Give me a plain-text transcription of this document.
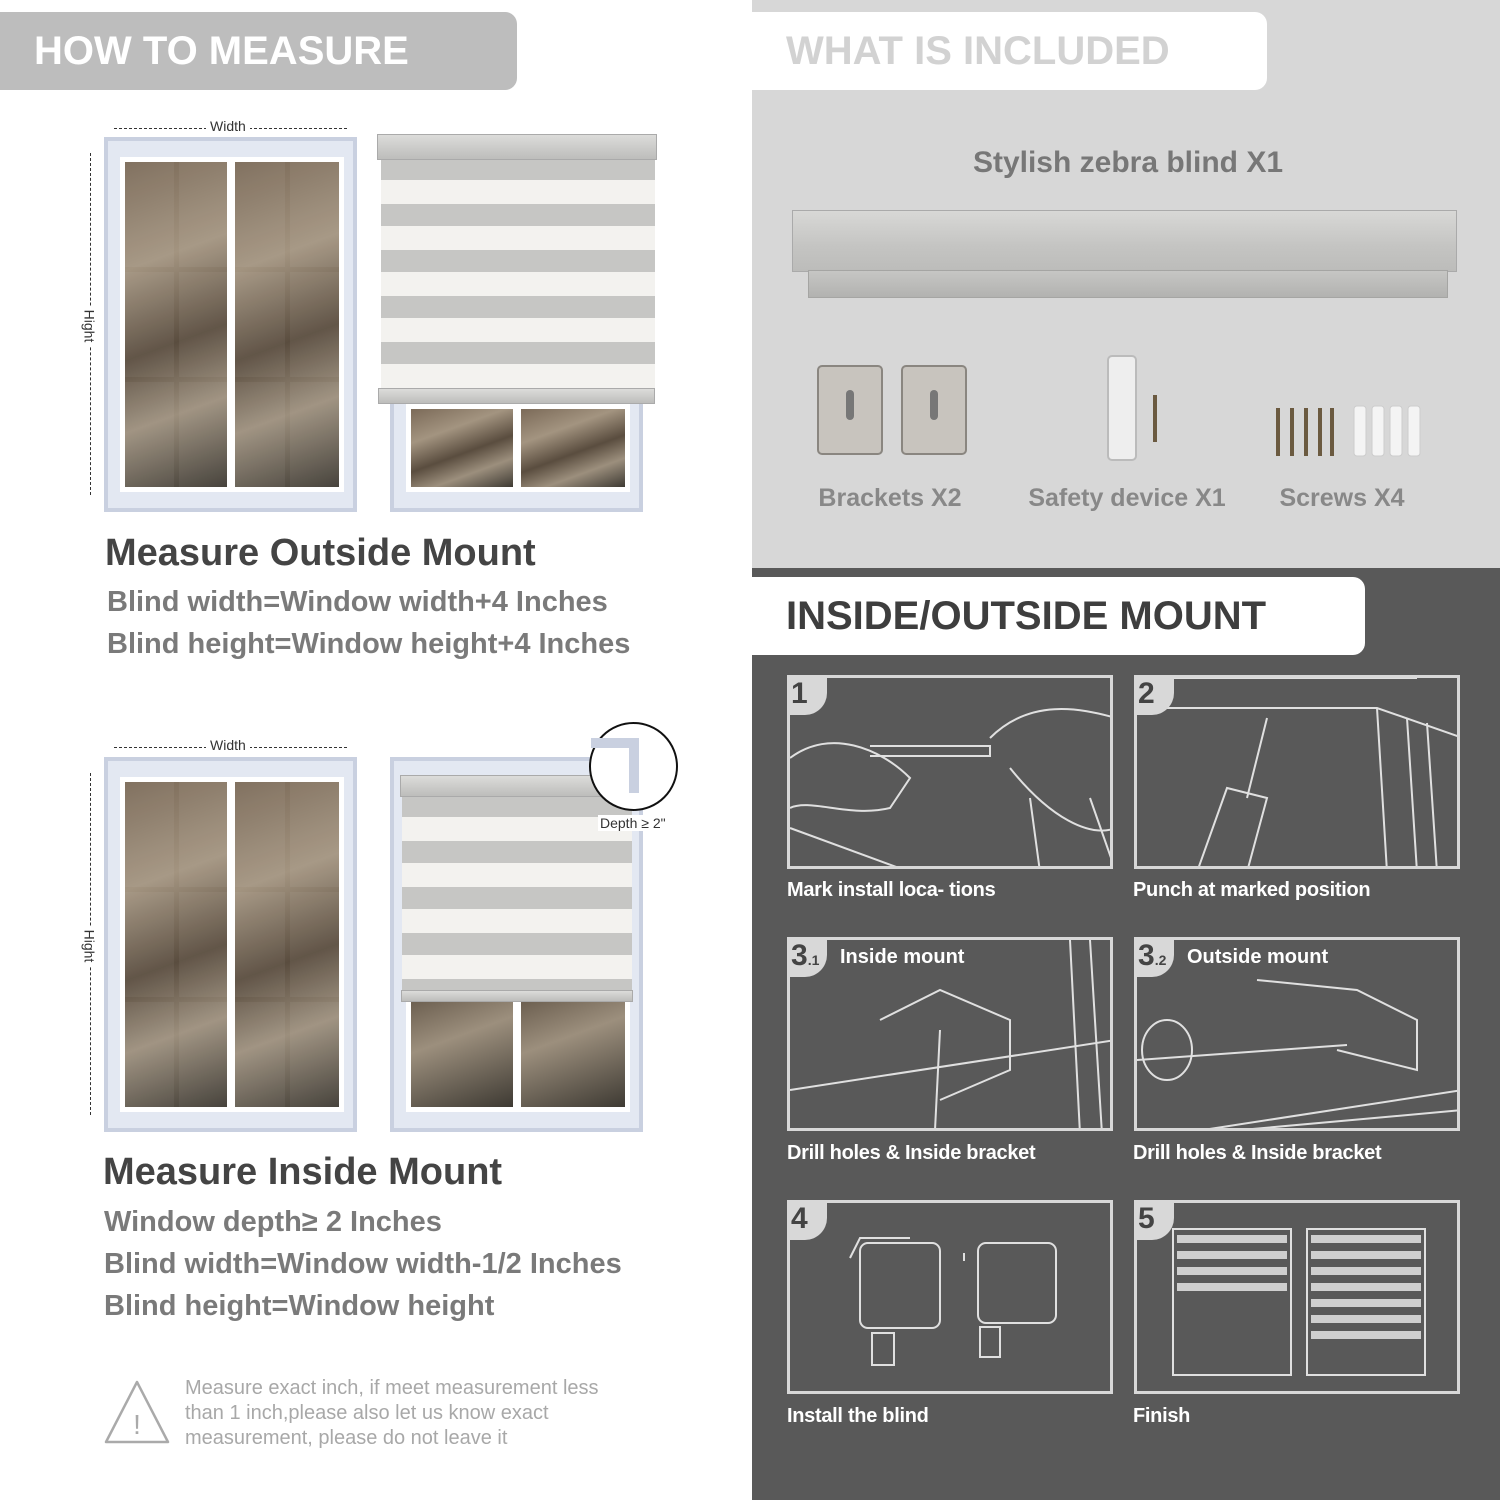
HOW TO MEASURE	WHAT IS INCLUDED
INSIDE/OUTSIDE MOUNT
Width
Hight
Measure Outside Mount
Blind width=Window width+4 Inches
Blind height=Window height+4 Inches
Width
Hight
Depth ≥ 2"
Measure Inside Mount
Window depth≥ 2 Inches
Blind width=Window width-1/2 Inches
Blind height=Window height
!
Measure exact inch, if meet measurement less
than 1 inch,please also let us know exact
measurement, please do not leave it
Stylish zebra blind X1
Brackets X2	Safety device X1	Screws X4
1
Mark install loca- tions
2
Punch at marked position
3.1	Inside mount
Drill holes & Inside bracket
3.2	Outside mount
Drill holes & Inside bracket
4
Install the blind
5
Finish
